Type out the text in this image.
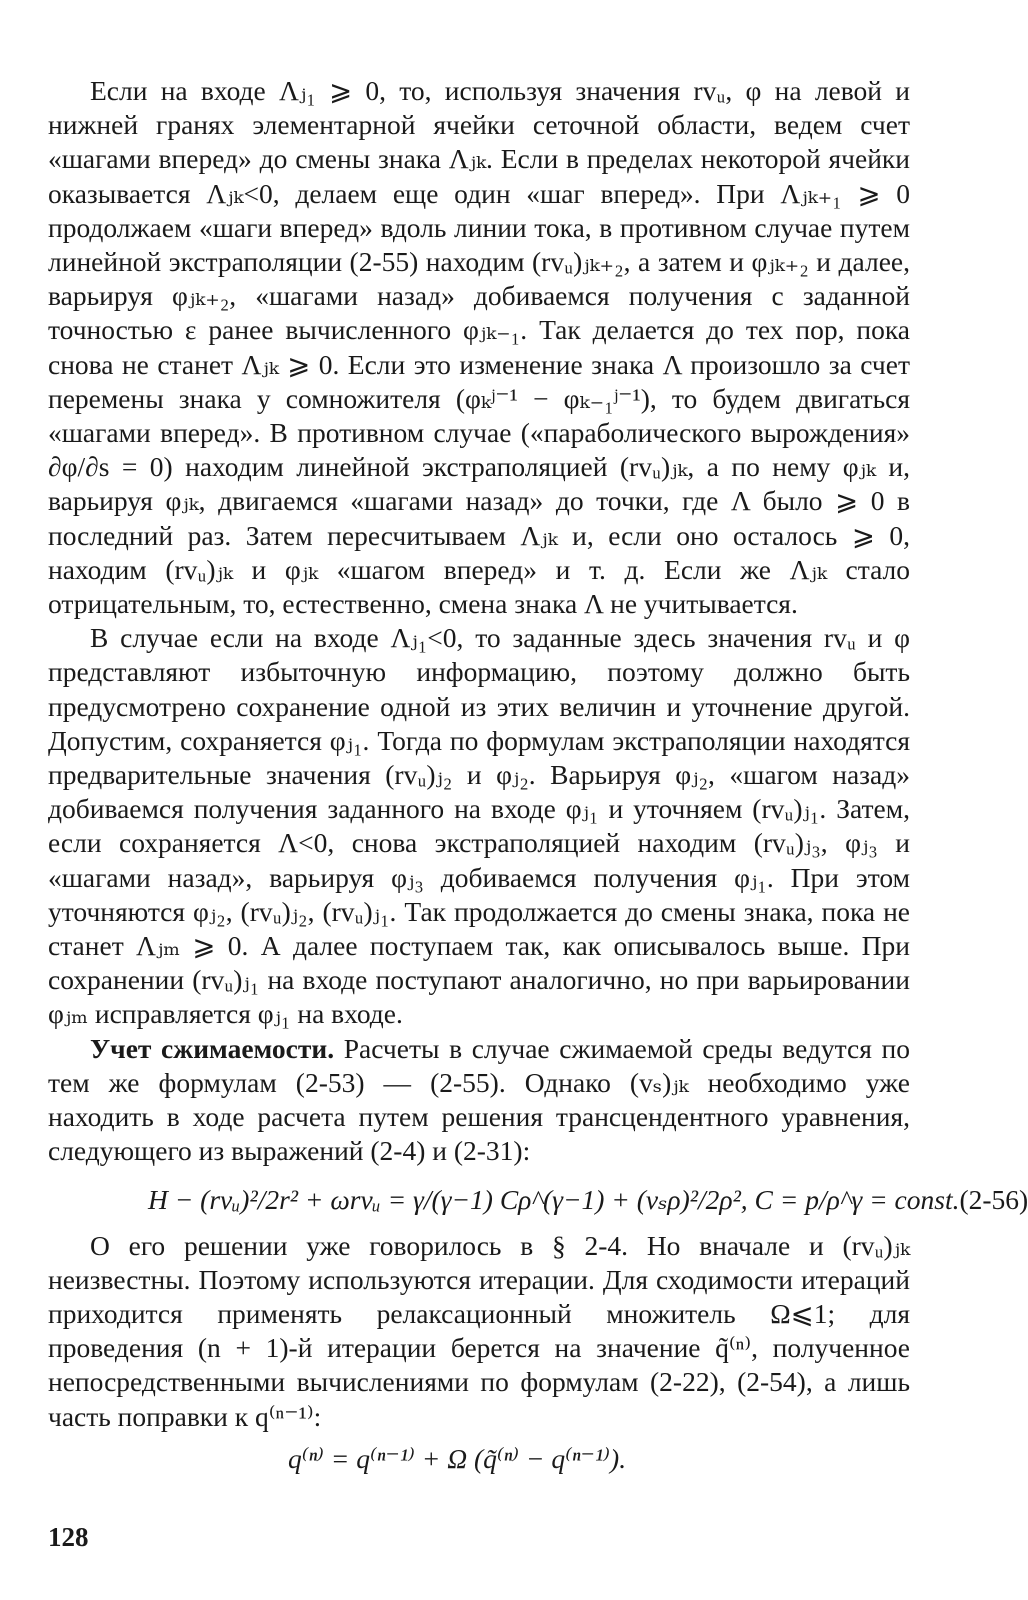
Если на входе Λⱼ₁ ⩾ 0, то, используя значения rvᵤ, φ на левой и нижней гранях элементарной ячейки сеточной области, ведем счет «шагами вперед» до смены знака Λⱼₖ. Если в пределах некоторой ячейки оказывается Λⱼₖ<0, делаем еще один «шаг вперед». При Λⱼₖ₊₁ ⩾ 0 продолжаем «шаги вперед» вдоль линии тока, в противном случае путем линейной экстраполяции (2-55) находим (rvᵤ)ⱼₖ₊₂, а затем и φⱼₖ₊₂ и далее, варьируя φⱼₖ₊₂, «шагами назад» добиваемся получения с заданной точностью ε ранее вычисленного φⱼₖ₋₁. Так делается до тех пор, пока снова не станет Λⱼₖ ⩾ 0. Если это изменение знака Λ произошло за счет перемены знака у сомножителя (φₖʲ⁻¹ − φₖ₋₁ʲ⁻¹), то будем двигаться «шагами вперед». В противном случае («параболического вырождения» ∂φ/∂s = 0) находим линейной экстраполяцией (rvᵤ)ⱼₖ, а по нему φⱼₖ и, варьируя φⱼₖ, двигаемся «шагами назад» до точки, где Λ было ⩾ 0 в последний раз. Затем пересчитываем Λⱼₖ и, если оно осталось ⩾ 0, находим (rvᵤ)ⱼₖ и φⱼₖ «шагом вперед» и т. д. Если же Λⱼₖ стало отрицательным, то, естественно, смена знака Λ не учитывается.

В случае если на входе Λⱼ₁<0, то заданные здесь значения rvᵤ и φ представляют избыточную информацию, поэтому должно быть предусмотрено сохранение одной из этих величин и уточнение другой. Допустим, сохраняется φⱼ₁. Тогда по формулам экстраполяции находятся предварительные значения (rvᵤ)ⱼ₂ и φⱼ₂. Варьируя φⱼ₂, «шагом назад» добиваемся получения заданного на входе φⱼ₁ и уточняем (rvᵤ)ⱼ₁. Затем, если сохраняется Λ<0, снова экстраполяцией находим (rvᵤ)ⱼ₃, φⱼ₃ и «шагами назад», варьируя φⱼ₃ добиваемся получения φⱼ₁. При этом уточняются φⱼ₂, (rvᵤ)ⱼ₂, (rvᵤ)ⱼ₁. Так продолжается до смены знака, пока не станет Λⱼₘ ⩾ 0. А далее поступаем так, как описывалось выше. При сохранении (rvᵤ)ⱼ₁ на входе поступают аналогично, но при варьировании φⱼₘ исправляется φⱼ₁ на входе.

Учет сжимаемости. Расчеты в случае сжимаемой среды ведутся по тем же формулам (2-53) — (2-55). Однако (vₛ)ⱼₖ необходимо уже находить в ходе расчета путем решения трансцендентного уравнения, следующего из выражений (2-4) и (2-31):

H − (rvᵤ)²/2r² + ωrvᵤ = γ/(γ−1) Cρ^(γ−1) + (vₛρ)²/2ρ², C = p/ρ^γ = const. (2-56)

О его решении уже говорилось в § 2-4. Но вначале и (rvᵤ)ⱼₖ неизвестны. Поэтому используются итерации. Для сходимости итераций приходится применять релаксационный множитель Ω⩽1; для проведения (n + 1)-й итерации берется на значение q̃⁽ⁿ⁾, полученное непосредственными вычислениями по формулам (2-22), (2-54), а лишь часть поправки к q⁽ⁿ⁻¹⁾:

q⁽ⁿ⁾ = q⁽ⁿ⁻¹⁾ + Ω (q̃⁽ⁿ⁾ − q⁽ⁿ⁻¹⁾).
128
